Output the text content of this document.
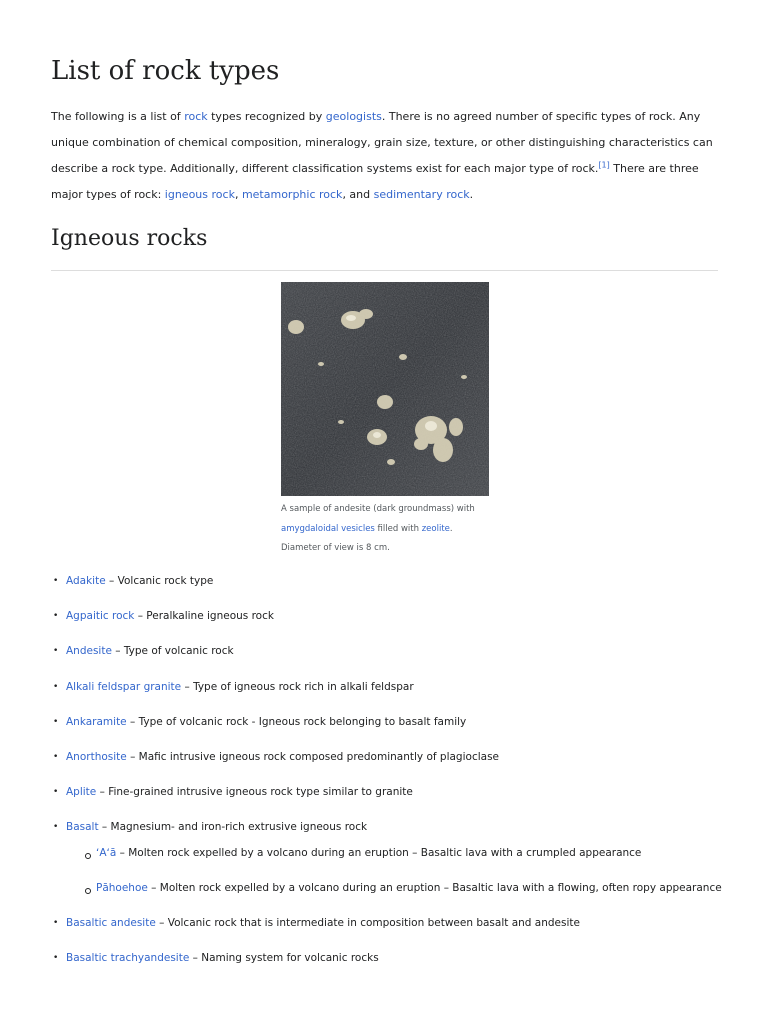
List of rock types

The following is a list of rock types recognized by geologists. There is no agreed number of specific types of rock. Any unique combination of chemical composition, mineralogy, grain size, texture, or other distinguishing characteristics can describe a rock type. Additionally, different classification systems exist for each major type of rock.[1] There are three major types of rock: igneous rock, metamorphic rock, and sedimentary rock.

Igneous rocks
A sample of andesite (dark groundmass) with amygdaloidal vesicles filled with zeolite. Diameter of view is 8 cm.
• Adakite – Volcanic rock type
• Agpaitic rock – Peralkaline igneous rock
• Andesite – Type of volcanic rock
• Alkali feldspar granite – Type of igneous rock rich in alkali feldspar
• Ankaramite – Type of volcanic rock - Igneous rock belonging to basalt family
• Anorthosite – Mafic intrusive igneous rock composed predominantly of plagioclase
• Aplite – Fine-grained intrusive igneous rock type similar to granite
• Basalt – Magnesium- and iron-rich extrusive igneous rock
ʻAʻā – Molten rock expelled by a volcano during an eruption – Basaltic lava with a crumpled appearance
Pāhoehoe – Molten rock expelled by a volcano during an eruption – Basaltic lava with a flowing, often ropy appearance
• Basaltic andesite – Volcanic rock that is intermediate in composition between basalt and andesite
• Basaltic trachyandesite – Naming system for volcanic rocks
